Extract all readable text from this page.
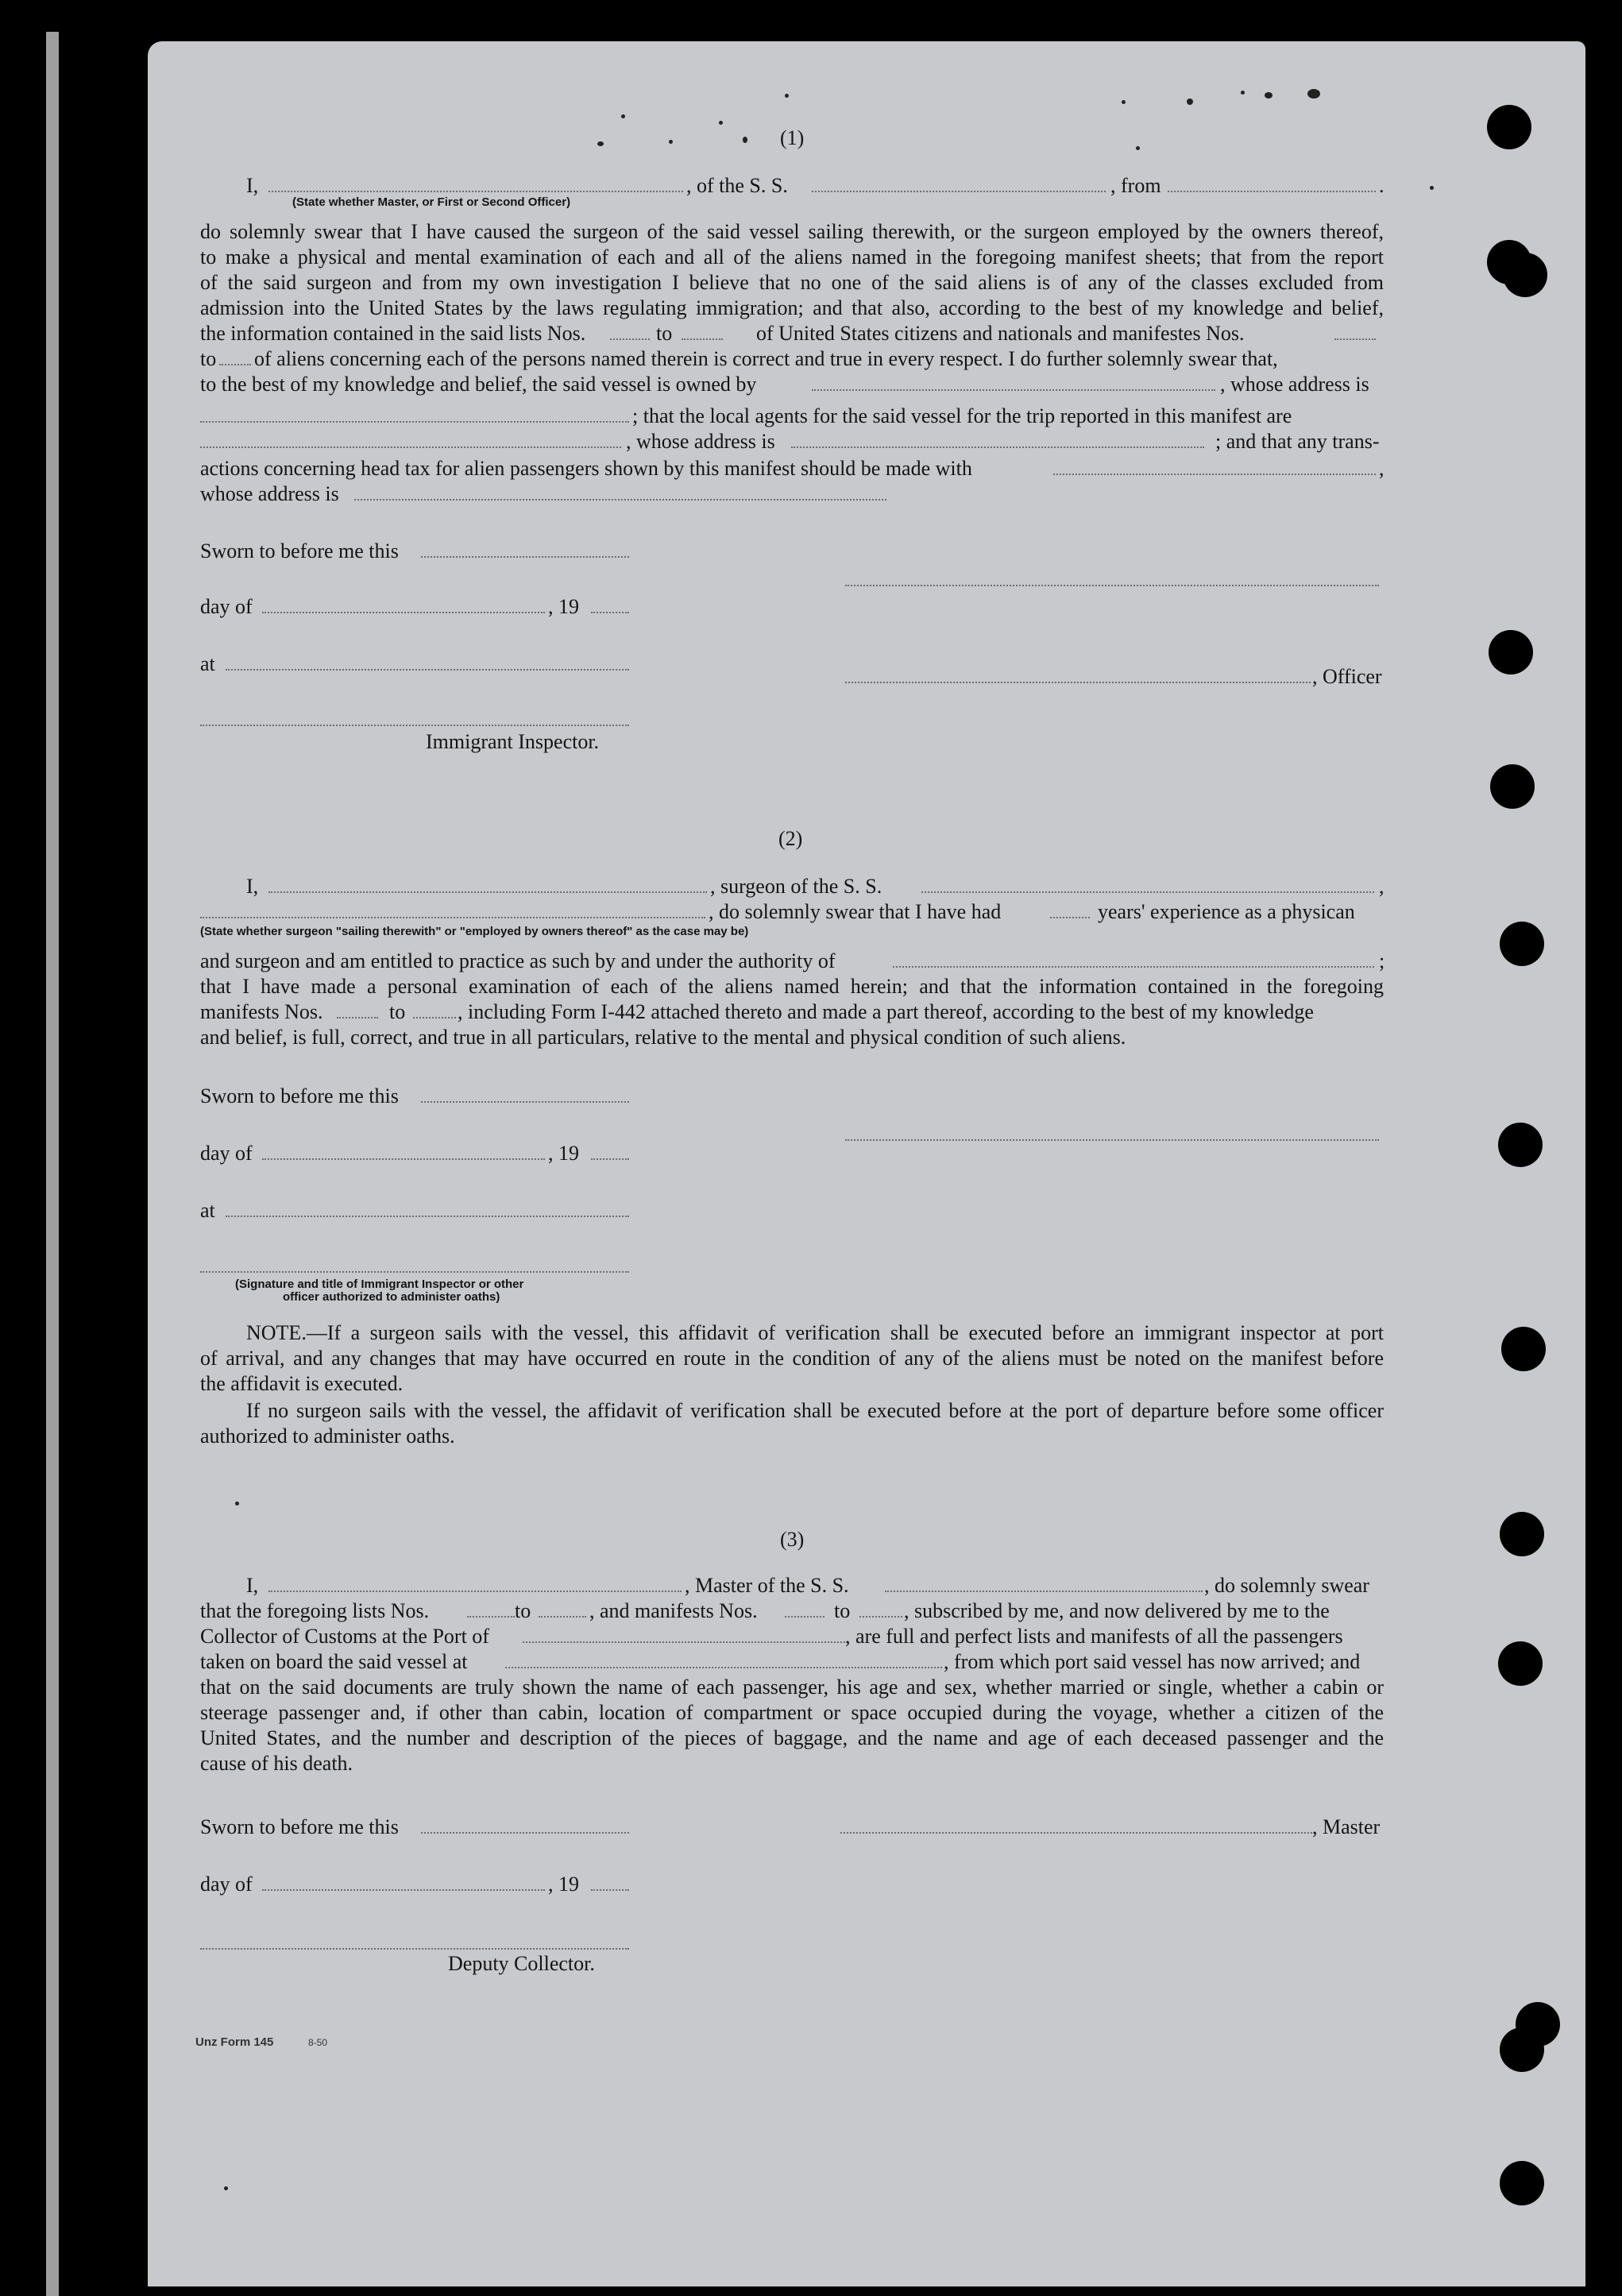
(1)
I,	, of the S. S.	, from	.
(State whether Master, or First or Second Officer)
do solemnly swear that I have caused the surgeon of the said vessel sailing therewith, or the surgeon employed by the owners thereof,
to make a physical and mental examination of each and all of the aliens named in the foregoing manifest sheets; that from the report
of the said surgeon and from my own investigation I believe that no one of the said aliens is of any of the classes excluded from
admission into the United States by the laws regulating immigration; and that also, according to the best of my knowledge and belief,
the information contained in the said lists Nos.	to	of United States citizens and nationals and manifestes Nos.
to of aliens concerning each of the persons named therein is correct and true in every respect. I do further solemnly swear that,
to the best of my knowledge and belief, the said vessel is owned by	, whose address is
; that the local agents for the said vessel for the trip reported in this manifest are
, whose address is	; and that any trans-
actions concerning head tax for alien passengers shown by this manifest should be made with	,
whose address is
Sworn to before me this
day of	, 19
at
, Officer
Immigrant Inspector.
(2)
I,	, surgeon of the S. S.	,
, do solemnly swear that I have had	years' experience as a physican
(State whether surgeon "sailing therewith" or "employed by owners thereof" as the case may be)
and surgeon and am entitled to practice as such by and under the authority of	;
that I have made a personal examination of each of the aliens named herein; and that the information contained in the foregoing
manifests Nos.	to	, including Form I-442 attached thereto and made a part thereof, according to the best of my knowledge
and belief, is full, correct, and true in all particulars, relative to the mental and physical condition of such aliens.
Sworn to before me this
day of	, 19
at
(Signature and title of Immigrant Inspector or other
officer authorized to administer oaths)
NOTE.—If a surgeon sails with the vessel, this affidavit of verification shall be executed before an immigrant inspector at port
of arrival, and any changes that may have occurred en route in the condition of any of the aliens must be noted on the manifest before
the affidavit is executed.
If no surgeon sails with the vessel, the affidavit of verification shall be executed before at the port of departure before some officer
authorized to administer oaths.
(3)
I,	, Master of the S. S.	, do solemnly swear
that the foregoing lists Nos.	to	, and manifests Nos.	to	, subscribed by me, and now delivered by me to the
Collector of Customs at the Port of	, are full and perfect lists and manifests of all the passengers
taken on board the said vessel at	, from which port said vessel has now arrived; and
that on the said documents are truly shown the name of each passenger, his age and sex, whether married or single, whether a cabin or
steerage passenger and, if other than cabin, location of compartment or space occupied during the voyage, whether a citizen of the
United States, and the number and description of the pieces of baggage, and the name and age of each deceased passenger and the
cause of his death.
Sworn to before me this	, Master
day of	, 19
Deputy Collector.
Unz Form 145	8-50
